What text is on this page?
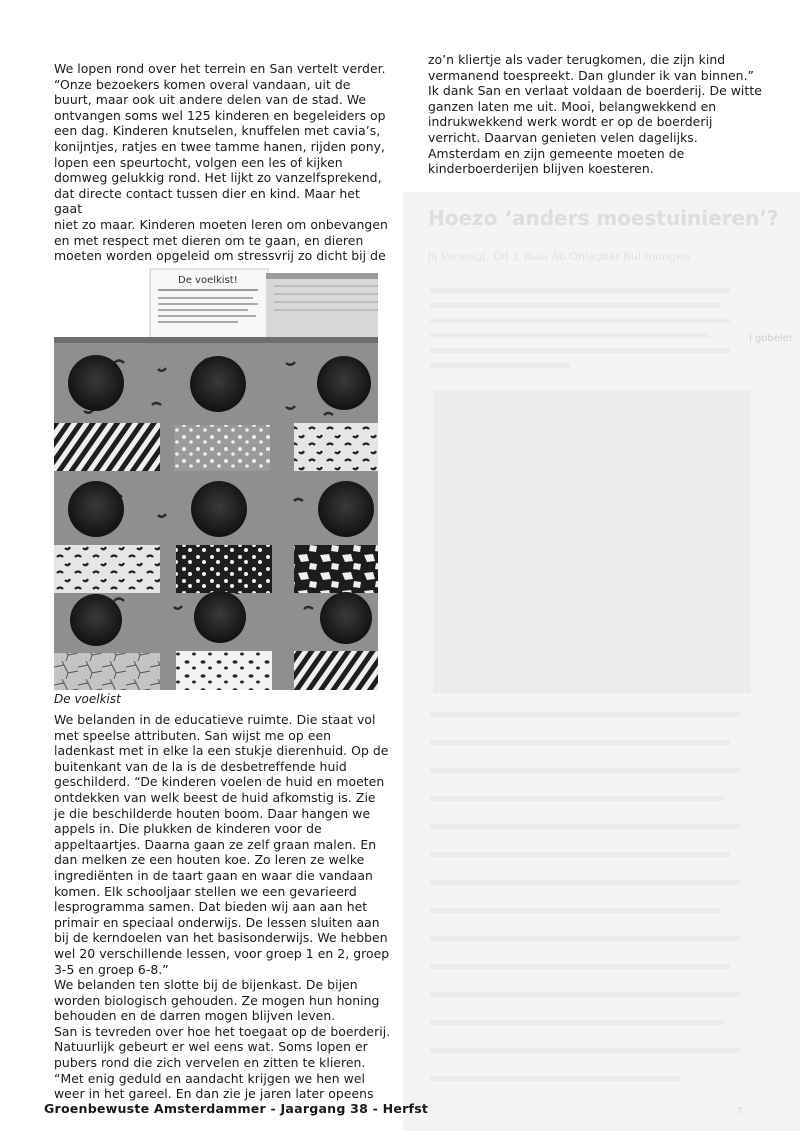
Hoezo ‘anders moestuinieren’?
Jij Vervolgt, Dit 1 Bulu Ab Onlagbar Bul mongen
l gobeler
7
We lopen rond over het terrein en San vertelt verder.
“Onze bezoekers komen overal vandaan, uit de
buurt, maar ook uit andere delen van de stad. We
ontvangen soms wel 125 kinderen en begeleiders op
een dag. Kinderen knutselen, knuffelen met cavia’s,
konijntjes, ratjes en twee tamme hanen, rijden pony,
lopen een speurtocht, volgen een les of kijken
domweg gelukkig rond. Het lijkt zo vanzelfsprekend,
dat directe contact tussen dier en kind. Maar het gaat
niet zo maar. Kinderen moeten leren om onbevangen
en met respect met dieren om te gaan, en dieren
moeten worden opgeleid om stressvrij zo dicht bij de

zo’n kliertje als vader terugkomen, die zijn kind
vermanend toespreekt. Dan glunder ik van binnen.”
Ik dank San en verlaat voldaan de boerderij. De witte
ganzen laten me uit. Mooi, belangwekkend en
indrukwekkend werk wordt er op de boerderij
verricht. Daarvan genieten velen dagelijks.
Amsterdam en zijn gemeente moeten de
kinderboerderijen blijven koesteren.
De voelkist!
De voelkist
We belanden in de educatieve ruimte. Die staat vol
met speelse attributen. San wijst me op een
ladenkast met in elke la een stukje dierenhuid. Op de
buitenkant van de la is de desbetreffende huid
geschilderd. “De kinderen voelen de huid en moeten
ontdekken van welk beest de huid afkomstig is. Zie
je die beschilderde houten boom. Daar hangen we
appels in. Die plukken de kinderen voor de
appeltaartjes. Daarna gaan ze zelf graan malen. En
dan melken ze een houten koe. Zo leren ze welke
ingrediënten in de taart gaan en waar die vandaan
komen. Elk schooljaar stellen we een gevarieerd
lesprogramma samen. Dat bieden wij aan aan het
primair en speciaal onderwijs. De lessen sluiten aan
bij de kerndoelen van het basisonderwijs. We hebben
wel 20 verschillende lessen, voor groep 1 en 2, groep
3-5 en groep 6-8.”
We belanden ten slotte bij de bijenkast. De bijen
worden biologisch gehouden. Ze mogen hun honing
behouden en de darren mogen blijven leven.
San is tevreden over hoe het toegaat op de boerderij.
Natuurlijk gebeurt er wel eens wat. Soms lopen er
pubers rond die zich vervelen en zitten te klieren.
“Met enig geduld en aandacht krijgen we hen wel
weer in het gareel. En dan zie je jaren later opeens
Groenbewuste Amsterdammer - Jaargang 38 - Herfst
